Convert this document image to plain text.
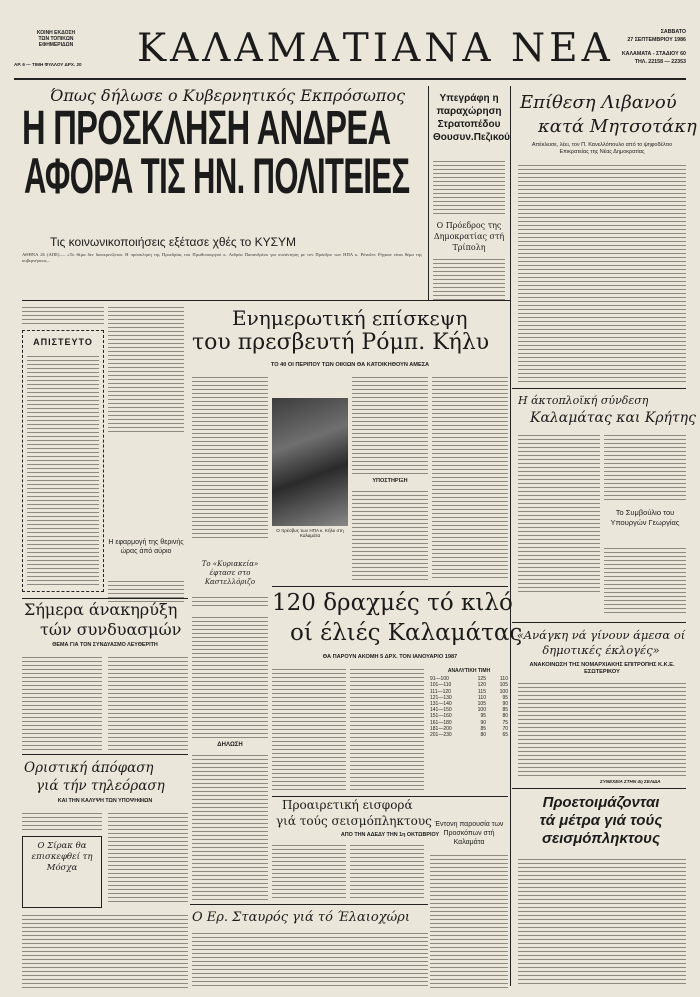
ΚΟΙΝΗ ΕΚΔΟΣΗ
ΤΩΝ ΤΟΠΙΚΩΝ
ΕΦΗΜΕΡΙΔΩΝ
ΑΡ. 6 — ΤΙΜΗ ΦΥΛΛΟΥ ΔΡΧ. 20	ΚΑΛΑΜΑΤΙΑΝΑ ΝΕΑ	ΣΑΒΒΑΤΟ
27 ΣΕΠΤΕΜΒΡΙΟΥ 1986
ΚΑΛΑΜΑΤΑ - ΣΤΑΔΙΟΥ 60
ΤΗΛ. 22158 — 22353
Όπως δήλωσε ο Κυβερνητικός Εκπρόσωπος
Η ΠΡΟΣΚΛΗΣΗ ΑΝΔΡΕΑ
ΑΦΟΡΑ ΤΙΣ ΗΝ. ΠΟΛΙΤΕΙΕΣ
Τις κοινωνικοποιήσεις εξέτασε χθές το ΚΥΣΥΜ
ΑΘΗΝΑ 26 (ΑΠΕ).— «Το θέμα δεν διευκρινίζεται. Η πρόσκληση της Προεδρίας του Πρωθυπουργού κ. Ανδρέα Παπανδρέου για συνάντηση με τον Πρόεδρο των ΗΠΑ κ. Ρόναλντ Ρήγκαν είναι θέμα της κυβερνήσεως...
Υπεγράφη η παραχώρηση Στρατοπέδου Θουσυν.Πεζικού
Ο Πρόεδρος της Δημοκρατίας στή Τρίπολη
Επίθεση Λιβανού
κατά Μητσοτάκη
Απέκλεισε, λέει, τον Π. Κανελλόπουλο από το ψηφοδέλτιο Επικρατείας της Νέας Δημοκρατίας
Η άκτοπλοϊκή σύνδεση
Καλαμάτας και Κρήτης
Το Συμβούλιο του Υπουργών Γεωργίας
«Ανάγκη νά γίνουν άμεσα οί δημοτικές έκλογές»
ΑΝΑΚΟΙΝΩΣΗ ΤΗΣ ΝΟΜΑΡΧΙΑΚΗΣ ΕΠΙΤΡΟΠΗΣ Κ.Κ.Ε. ΕΣΩΤΕΡΙΚΟΥ
ΣΥΝΕΧΕΙΑ ΣΤΗΝ 4η ΣΕΛΙΔΑ
Προετοιμάζονται
τά μέτρα γιά τούς
σεισμόπληκτους
ΑΠΙΣΤΕΥΤΟ
Η εφαρμογή της θερινής ώρας άπό αύριο
Ενημερωτική επίσκεψη
του πρεσβευτή Ρόμπ. Κήλυ
ΤΟ 40 ΟΙ ΠΕΡΙΠΟΥ ΤΩΝ ΟΙΚΙΩΝ ΘΑ ΚΑΤΟΙΚΗΘΟΥΝ ΑΜΕΣΑ
Ο πρέσβυς των ΗΠΑ κ. Κήλυ στη Καλαμάτα
ΥΠΟΣΤΗΡΙΞΗ
Το «Κυριακεία» έφτασε στο Καστελλόριζο
120 δραχμές τό κιλό
οί έλιές Καλαμάτας
ΘΑ ΠΑΡΟΥΝ ΑΚΟΜΗ 5 ΔΡΧ. ΤΟΝ ΙΑΝΟΥΑΡΙΟ 1987
ΑΝΑΛΥΤΙΚΗ ΤΙΜΗ
91—100	125	110
101—110	120	105
111—120	115	100
121—130	110	95
131—140	105	90
141—150	100	85
151—160	95	80
161—180	90	75
181—200	85	70
201—230	80	65
Προαιρετική εισφορά
γιά τούς σεισμόπληκτους
ΑΠΟ ΤΗΝ ΑΔΕΔΥ ΤΗΝ 1η ΟΚΤΩΒΡΙΟΥ
Έντονη παρουσία των Προσκόπων στή Καλαμάτα
ΔΗΛΩΣΗ
Σήμερα άνακηρύξη
τών συνδυασμών
ΘΕΜΑ ΓΙΑ ΤΟΝ ΣΥΝΔΥΑΣΜΟ ΛΕΥΘΕΡΙΤΗ
Οριστική άπόφαση
γιά τήν τηλεόραση
ΚΑΙ ΤΗΝ ΚΑΛΥΨΗ ΤΩΝ ΥΠΟΨΗΦΙΩΝ
Ο Σίρακ θα επισκεφθεί τη Μόσχα
Ο Ερ. Σταυρός γιά τό Έλαιοχώρι
